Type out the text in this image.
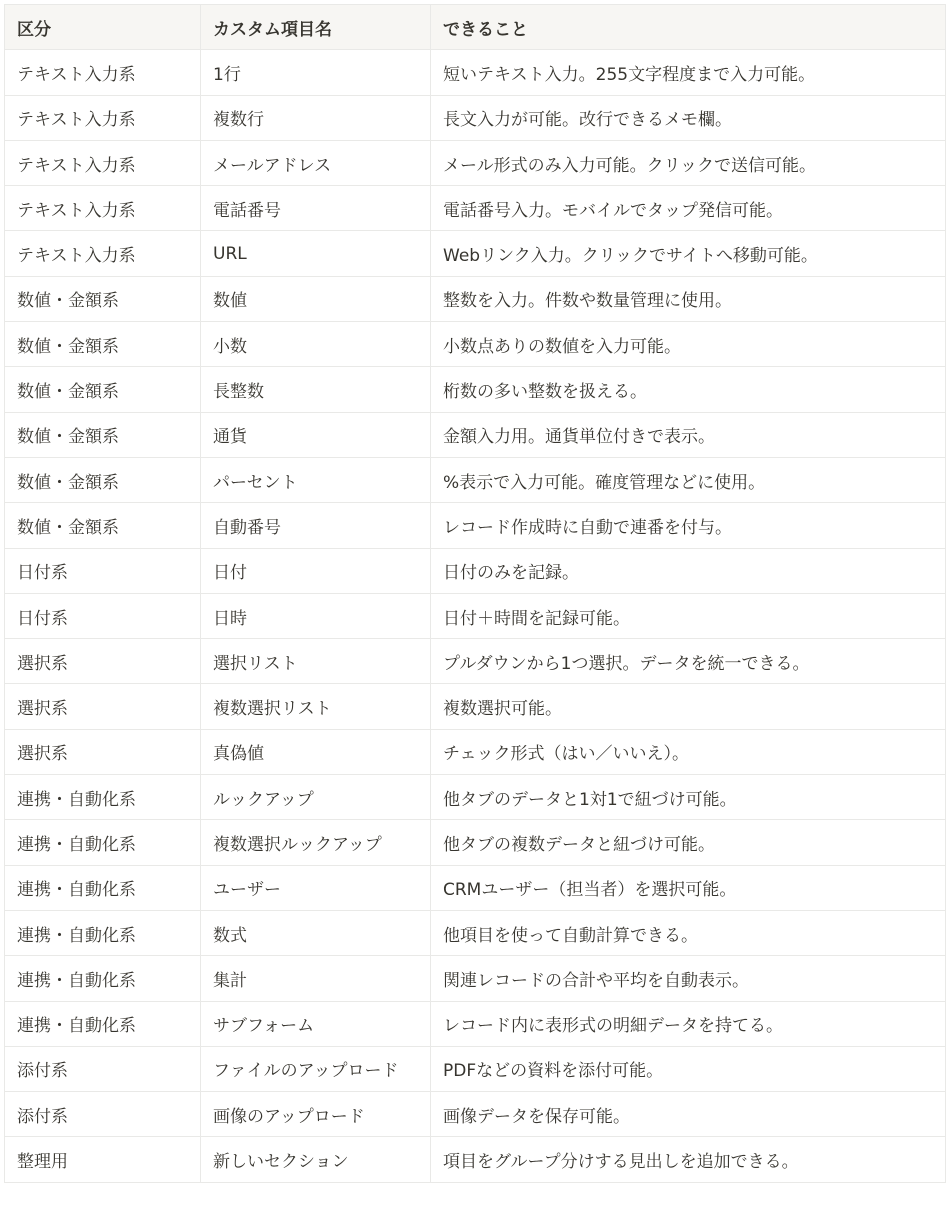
区分	カスタム項目名	できること
テキスト入力系	1行	短いテキスト入力。255文字程度まで入力可能。
テキスト入力系	複数行	長文入力が可能。改行できるメモ欄。
テキスト入力系	メールアドレス	メール形式のみ入力可能。クリックで送信可能。
テキスト入力系	電話番号	電話番号入力。モバイルでタップ発信可能。
テキスト入力系	URL	Webリンク入力。クリックでサイトへ移動可能。
数値・金額系	数値	整数を入力。件数や数量管理に使用。
数値・金額系	小数	小数点ありの数値を入力可能。
数値・金額系	長整数	桁数の多い整数を扱える。
数値・金額系	通貨	金額入力用。通貨単位付きで表示。
数値・金額系	パーセント	%表示で入力可能。確度管理などに使用。
数値・金額系	自動番号	レコード作成時に自動で連番を付与。
日付系	日付	日付のみを記録。
日付系	日時	日付＋時間を記録可能。
選択系	選択リスト	プルダウンから1つ選択。データを統一できる。
選択系	複数選択リスト	複数選択可能。
選択系	真偽値	チェック形式（はい／いいえ）。
連携・自動化系	ルックアップ	他タブのデータと1対1で紐づけ可能。
連携・自動化系	複数選択ルックアップ	他タブの複数データと紐づけ可能。
連携・自動化系	ユーザー	CRMユーザー（担当者）を選択可能。
連携・自動化系	数式	他項目を使って自動計算できる。
連携・自動化系	集計	関連レコードの合計や平均を自動表示。
連携・自動化系	サブフォーム	レコード内に表形式の明細データを持てる。
添付系	ファイルのアップロード	PDFなどの資料を添付可能。
添付系	画像のアップロード	画像データを保存可能。
整理用	新しいセクション	項目をグループ分けする見出しを追加できる。
